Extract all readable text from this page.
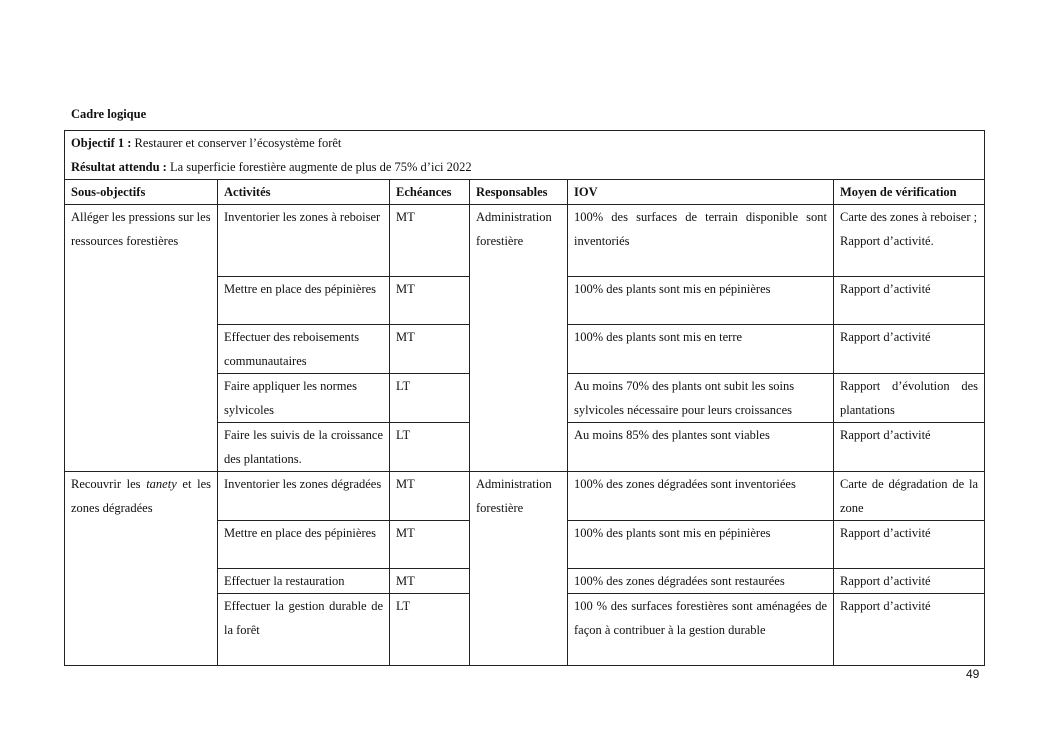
Cadre logique
Objectif 1 : Restaurer et conserver l’écosystème forêt
Résultat attendu : La superficie forestière augmente de plus de 75% d’ici 2022					

Sous-objectifs	Activités	Echéances	Responsables	IOV	Moyen de vérification
Alléger les pressions sur les ressources forestières	Inventorier les zones à reboiser	MT	Administration forestière	100% des surfaces de terrain disponible sont inventoriés	Carte des zones à reboiser ;
Rapport d’activité.

	Mettre en place des pépinières	MT		100% des plants sont mis en pépinières	Rapport d’activité
	Effectuer des reboisements communautaires	MT		100% des plants sont mis en terre	Rapport d’activité
	Faire appliquer les normes sylvicoles	LT		Au moins 70% des plants ont subit les soins sylvicoles nécessaire pour leurs croissances	Rapport d’évolution des plantations
	Faire les suivis de la croissance des plantations.	LT		Au moins 85% des plantes sont viables	Rapport d’activité
Recouvrir les tanety et les zones dégradées	Inventorier les zones dégradées	MT	Administration forestière	100% des zones dégradées sont inventoriées	Carte de dégradation de la zone
	Mettre en place des pépinières	MT		100% des plants sont mis en pépinières	Rapport d’activité
	Effectuer la restauration	MT		100% des zones dégradées sont restaurées	Rapport d’activité
	Effectuer la gestion durable de la forêt	LT		100 % des surfaces forestières sont aménagées de façon à contribuer à la gestion durable	Rapport d’activité
49
